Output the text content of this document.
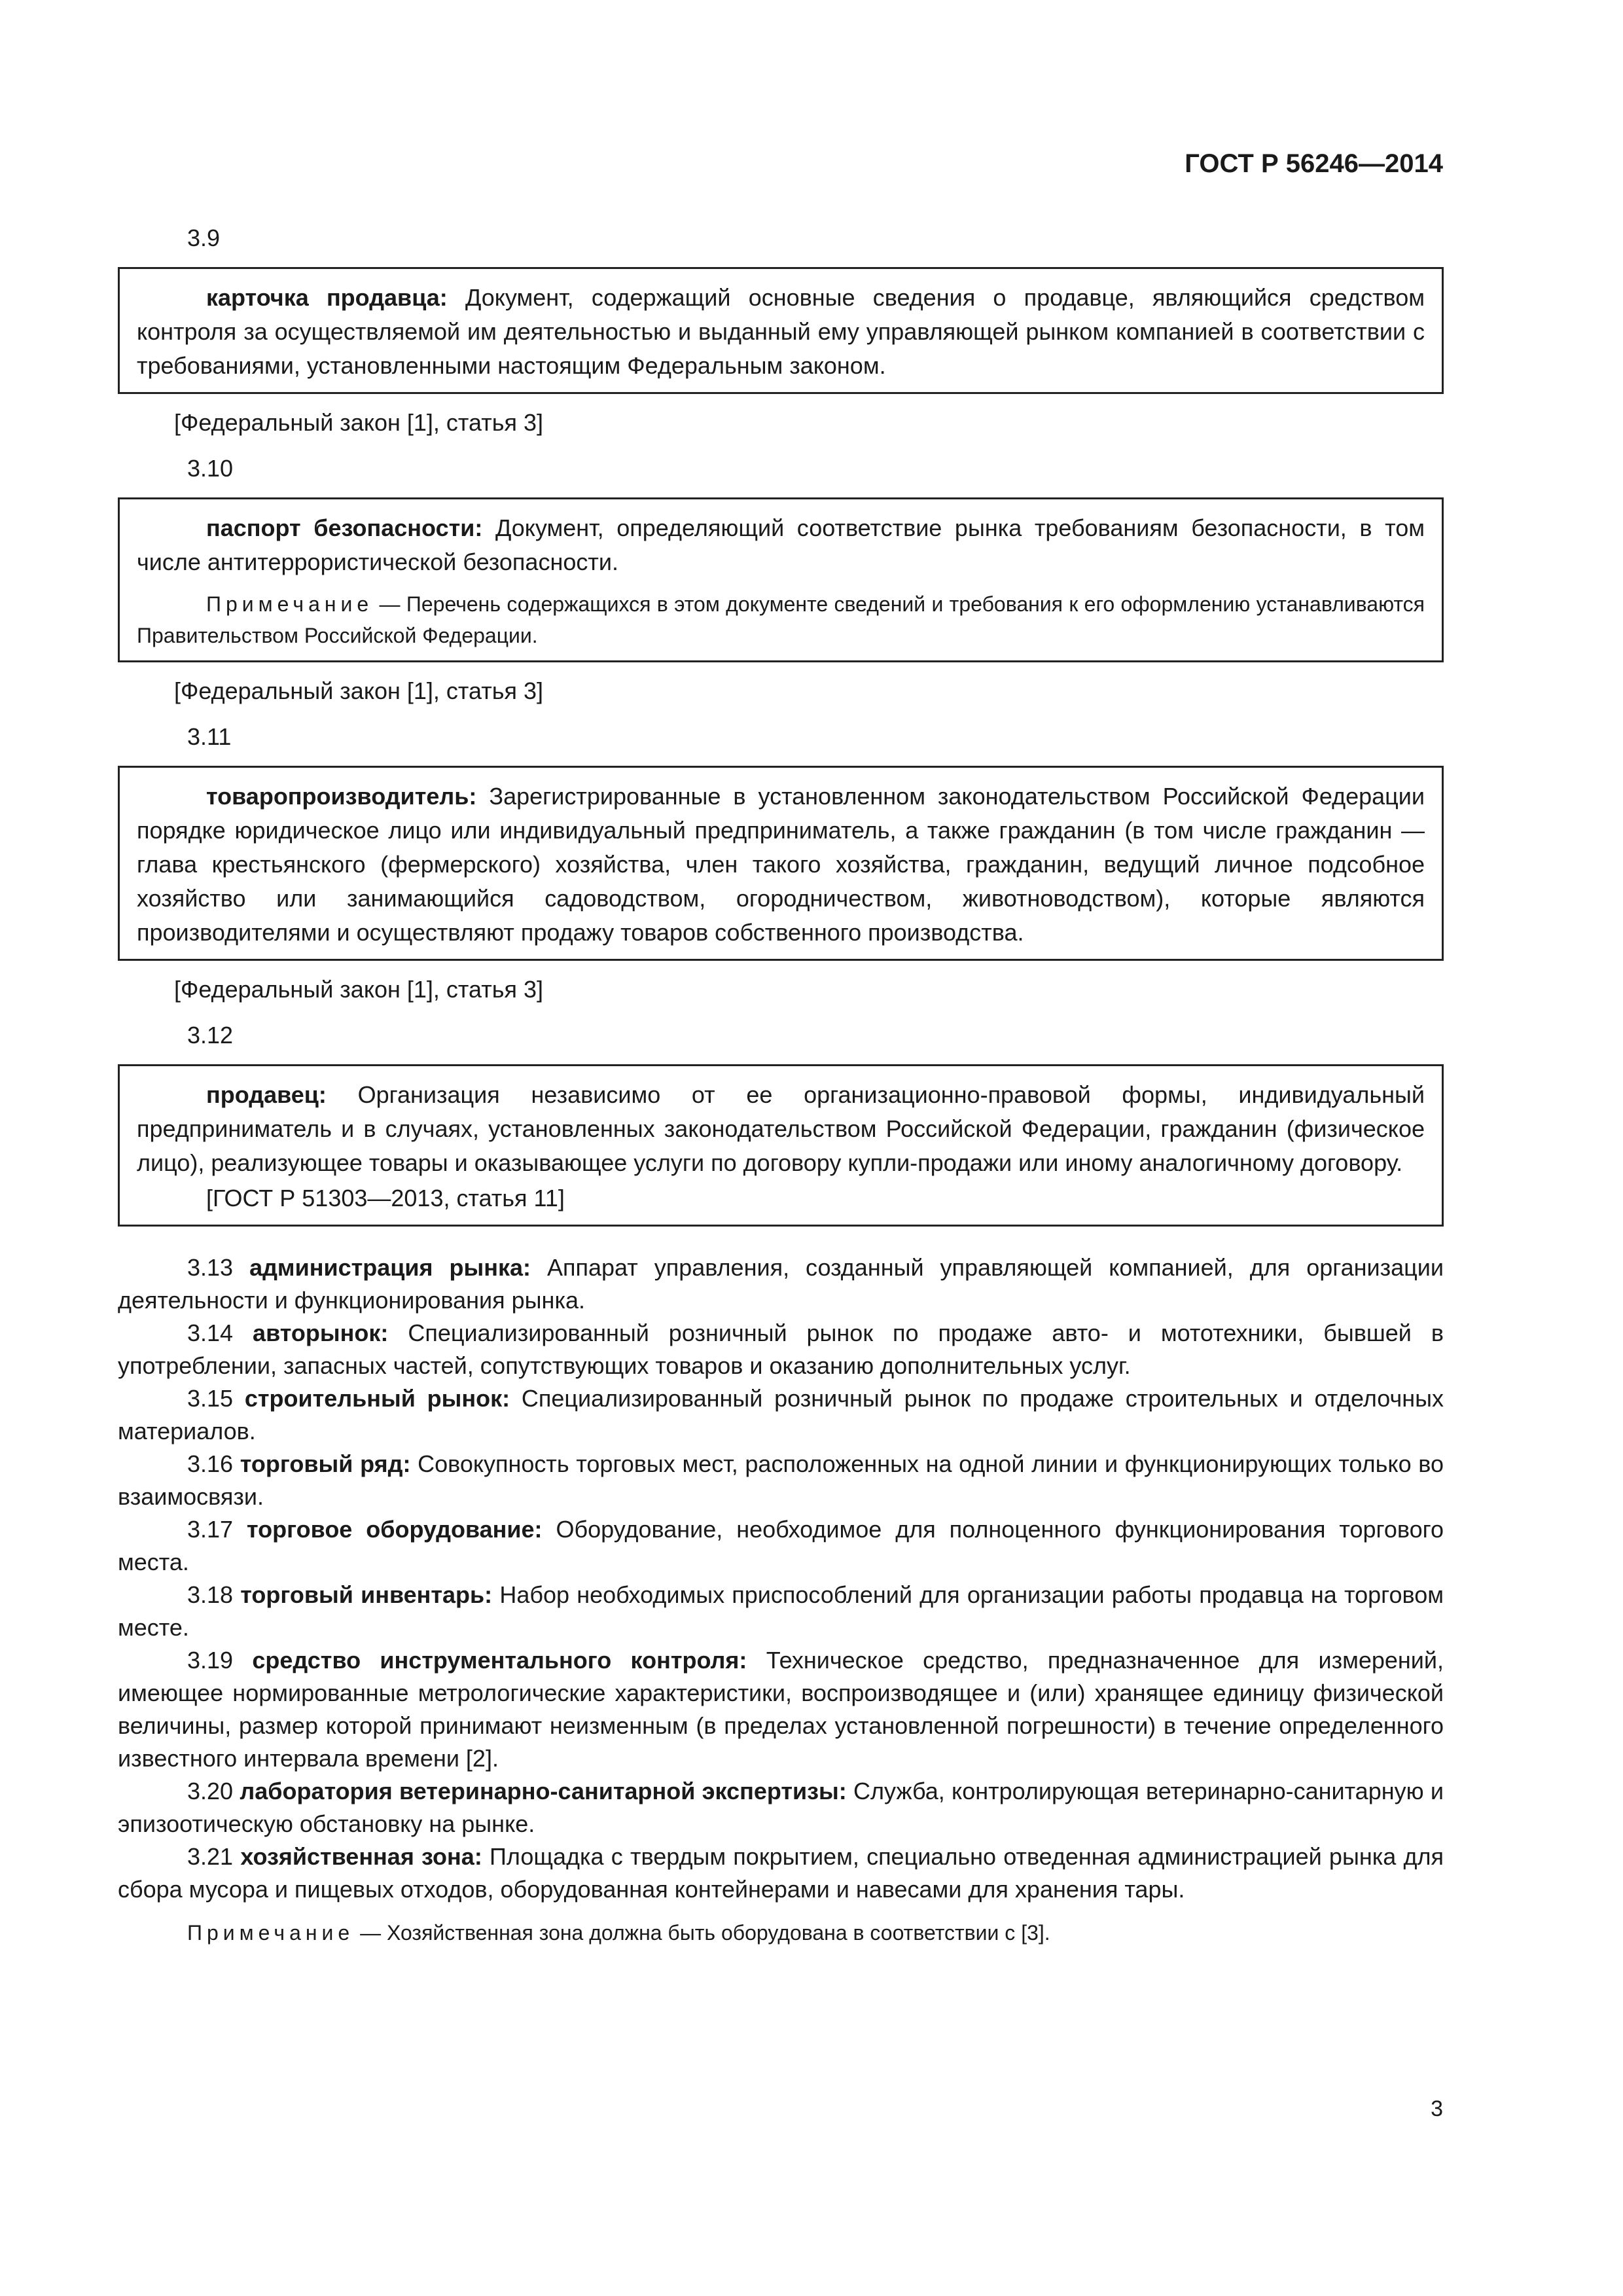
ГОСТ Р 56246—2014
3.9

карточка продавца: Документ, содержащий основные сведения о продавце, являющийся средством контроля за осуществляемой им деятельностью и выданный ему управляющей рынком компанией в соответствии с требованиями, установленными настоящим Федеральным законом.

[Федеральный закон [1], статья 3]
3.10

паспорт безопасности: Документ, определяющий соответствие рынка требованиям безопасности, в том числе антитеррористической безопасности.

Примечание — Перечень содержащихся в этом документе сведений и требования к его оформлению устанавливаются Правительством Российской Федерации.

[Федеральный закон [1], статья 3]
3.11

товаропроизводитель: Зарегистрированные в установленном законодательством Российской Федерации порядке юридическое лицо или индивидуальный предприниматель, а также гражданин (в том числе гражданин — глава крестьянского (фермерского) хозяйства, член такого хозяйства, гражданин, ведущий личное подсобное хозяйство или занимающийся садоводством, огородничеством, животноводством), которые являются производителями и осуществляют продажу товаров собственного производства.

[Федеральный закон [1], статья 3]
3.12

продавец: Организация независимо от ее организационно-правовой формы, индивидуальный предприниматель и в случаях, установленных законодательством Российской Федерации, гражданин (физическое лицо), реализующее товары и оказывающее услуги по договору купли-продажи или иному аналогичному договору.

[ГОСТ Р 51303—2013, статья 11]

3.13 администрация рынка: Аппарат управления, созданный управляющей компанией, для организации деятельности и функционирования рынка.

3.14 авторынок: Специализированный розничный рынок по продаже авто- и мототехники, бывшей в употреблении, запасных частей, сопутствующих товаров и оказанию дополнительных услуг.

3.15 строительный рынок: Специализированный розничный рынок по продаже строительных и отделочных материалов.

3.16 торговый ряд: Совокупность торговых мест, расположенных на одной линии и функционирующих только во взаимосвязи.

3.17 торговое оборудование: Оборудование, необходимое для полноценного функционирования торгового места.

3.18 торговый инвентарь: Набор необходимых приспособлений для организации работы продавца на торговом месте.

3.19 средство инструментального контроля: Техническое средство, предназначенное для измерений, имеющее нормированные метрологические характеристики, воспроизводящее и (или) хранящее единицу физической величины, размер которой принимают неизменным (в пределах установленной погрешности) в течение определенного известного интервала времени [2].

3.20 лаборатория ветеринарно-санитарной экспертизы: Служба, контролирующая ветеринарно-санитарную и эпизоотическую обстановку на рынке.

3.21 хозяйственная зона: Площадка с твердым покрытием, специально отведенная администрацией рынка для сбора мусора и пищевых отходов, оборудованная контейнерами и навесами для хранения тары.

Примечание — Хозяйственная зона должна быть оборудована в соответствии с [3].

3
